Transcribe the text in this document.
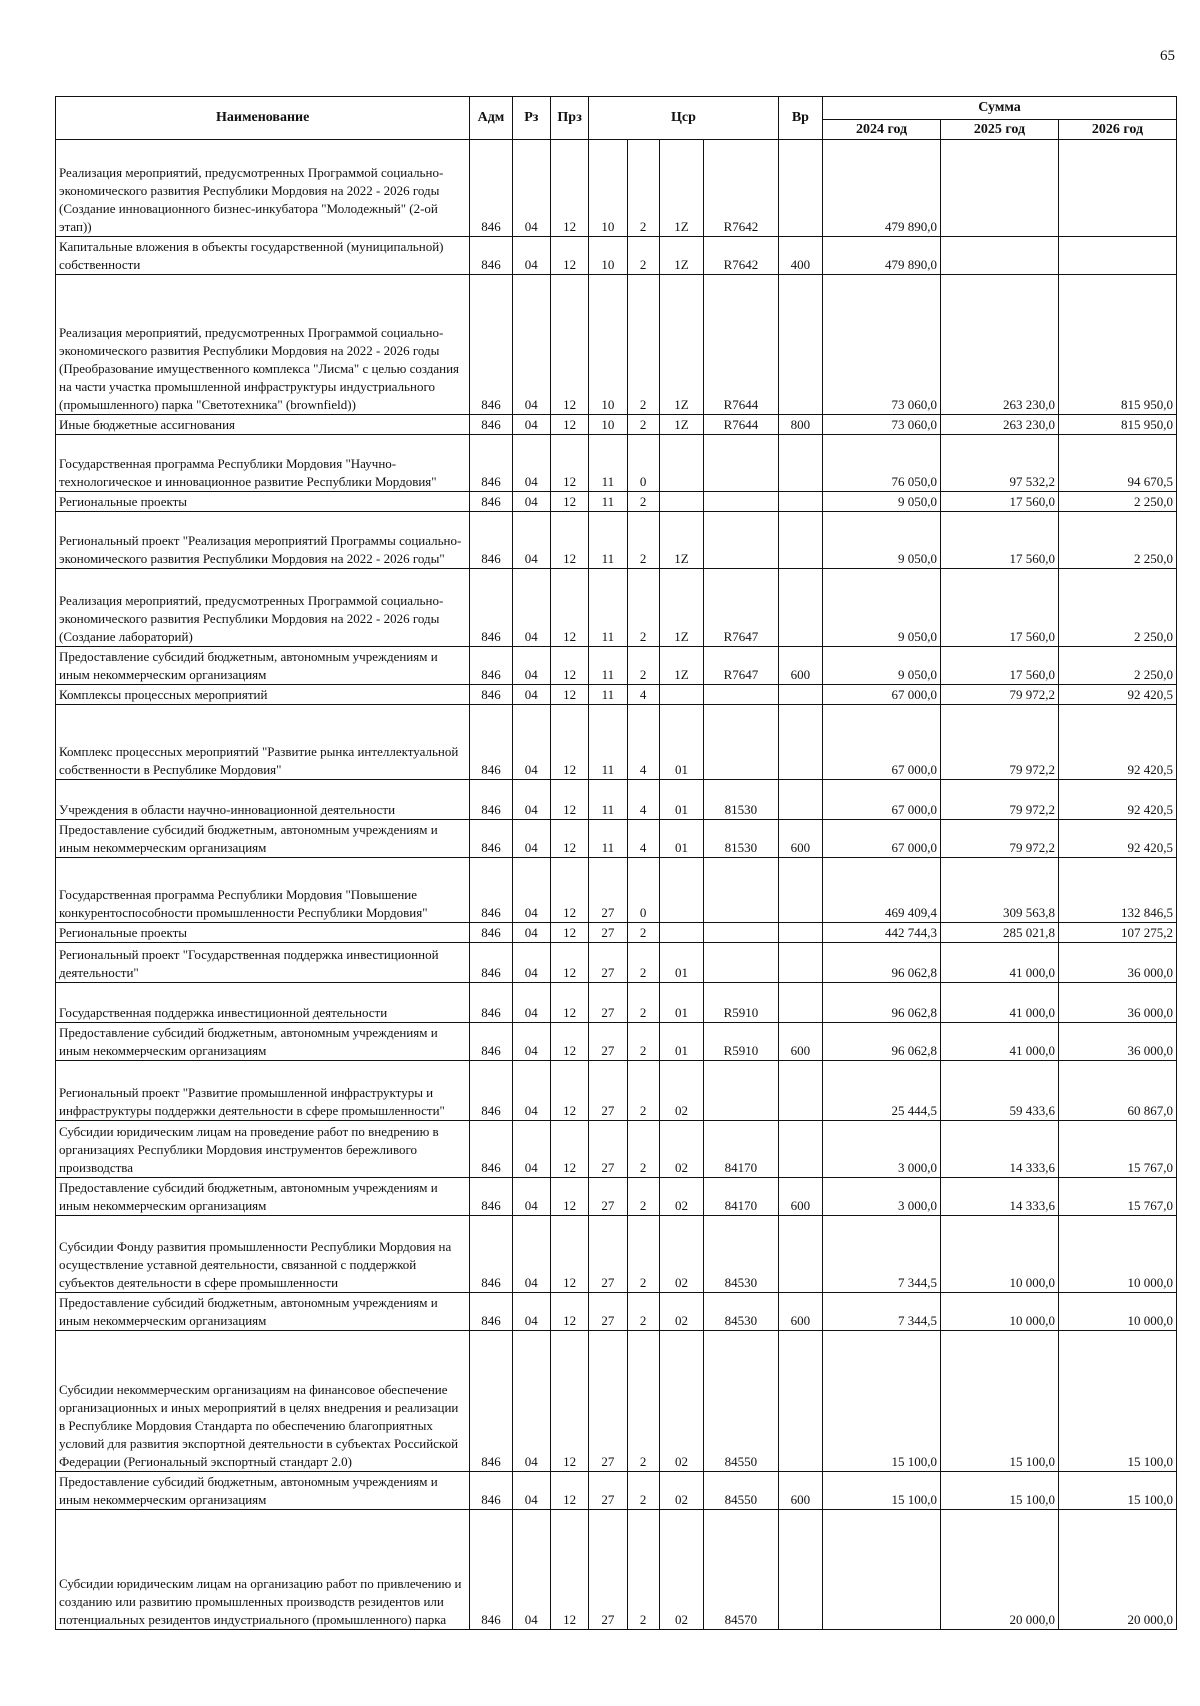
65
Наименование	Адм	Рз	Прз	Цср				Вр	Сумма		
									2024 год	2025 год	2026 год
Реализация мероприятий, предусмотренных Программой социально-экономического развития Республики Мордовия на 2022 - 2026 годы (Создание инновационного бизнес-инкубатора "Молодежный" (2-ой этап))	846	04	12	10	2	1Z	R7642		479 890,0		
Капитальные вложения в объекты государственной (муниципальной) собственности	846	04	12	10	2	1Z	R7642	400	479 890,0		
Реализация мероприятий, предусмотренных Программой социально-экономического развития Республики Мордовия на 2022 - 2026 годы (Преобразование имущественного комплекса "Лисма" с целью создания на части участка промышленной инфраструктуры индустриального (промышленного) парка "Светотехника" (brownfield))	846	04	12	10	2	1Z	R7644		73 060,0	263 230,0	815 950,0
Иные бюджетные ассигнования	846	04	12	10	2	1Z	R7644	800	73 060,0	263 230,0	815 950,0
Государственная программа Республики Мордовия "Научно-технологическое и инновационное развитие Республики Мордовия"	846	04	12	11	0				76 050,0	97 532,2	94 670,5
Региональные проекты	846	04	12	11	2				9 050,0	17 560,0	2 250,0
Региональный проект "Реализация мероприятий Программы социально-экономического развития Республики Мордовия на 2022 - 2026 годы"	846	04	12	11	2	1Z			9 050,0	17 560,0	2 250,0
Реализация мероприятий, предусмотренных Программой социально-экономического развития Республики Мордовия на 2022 - 2026 годы (Создание лабораторий)	846	04	12	11	2	1Z	R7647		9 050,0	17 560,0	2 250,0
Предоставление субсидий бюджетным, автономным учреждениям и иным некоммерческим организациям	846	04	12	11	2	1Z	R7647	600	9 050,0	17 560,0	2 250,0
Комплексы процессных мероприятий	846	04	12	11	4				67 000,0	79 972,2	92 420,5
Комплекс процессных мероприятий "Развитие рынка интеллектуальной собственности в Республике Мордовия"	846	04	12	11	4	01			67 000,0	79 972,2	92 420,5
Учреждения в области научно-инновационной деятельности	846	04	12	11	4	01	81530		67 000,0	79 972,2	92 420,5
Предоставление субсидий бюджетным, автономным учреждениям и иным некоммерческим организациям	846	04	12	11	4	01	81530	600	67 000,0	79 972,2	92 420,5
Государственная программа Республики Мордовия "Повышение конкурентоспособности промышленности Республики Мордовия"	846	04	12	27	0				469 409,4	309 563,8	132 846,5
Региональные проекты	846	04	12	27	2				442 744,3	285 021,8	107 275,2
Региональный проект "Государственная поддержка инвестиционной деятельности"	846	04	12	27	2	01			96 062,8	41 000,0	36 000,0
Государственная поддержка инвестиционной деятельности	846	04	12	27	2	01	R5910		96 062,8	41 000,0	36 000,0
Предоставление субсидий бюджетным, автономным учреждениям и иным некоммерческим организациям	846	04	12	27	2	01	R5910	600	96 062,8	41 000,0	36 000,0
Региональный проект "Развитие промышленной инфраструктуры и инфраструктуры поддержки деятельности в сфере промышленности"	846	04	12	27	2	02			25 444,5	59 433,6	60 867,0
Субсидии юридическим лицам на проведение работ по внедрению в организациях Республики Мордовия инструментов бережливого производства	846	04	12	27	2	02	84170		3 000,0	14 333,6	15 767,0
Предоставление субсидий бюджетным, автономным учреждениям и иным некоммерческим организациям	846	04	12	27	2	02	84170	600	3 000,0	14 333,6	15 767,0
Субсидии Фонду развития промышленности Республики Мордовия на осуществление уставной деятельности, связанной с поддержкой субъектов деятельности в сфере промышленности	846	04	12	27	2	02	84530		7 344,5	10 000,0	10 000,0
Предоставление субсидий бюджетным, автономным учреждениям и иным некоммерческим организациям	846	04	12	27	2	02	84530	600	7 344,5	10 000,0	10 000,0
Субсидии некоммерческим организациям на финансовое обеспечение организационных и иных мероприятий в целях внедрения и реализации в Республике Мордовия Стандарта по обеспечению благоприятных условий для развития экспортной деятельности в субъектах Российской Федерации (Региональный экспортный стандарт 2.0)	846	04	12	27	2	02	84550		15 100,0	15 100,0	15 100,0
Предоставление субсидий бюджетным, автономным учреждениям и иным некоммерческим организациям	846	04	12	27	2	02	84550	600	15 100,0	15 100,0	15 100,0
Субсидии юридическим лицам на организацию работ по привлечению и созданию или развитию промышленных производств резидентов или потенциальных резидентов индустриального (промышленного) парка	846	04	12	27	2	02	84570			20 000,0	20 000,0
